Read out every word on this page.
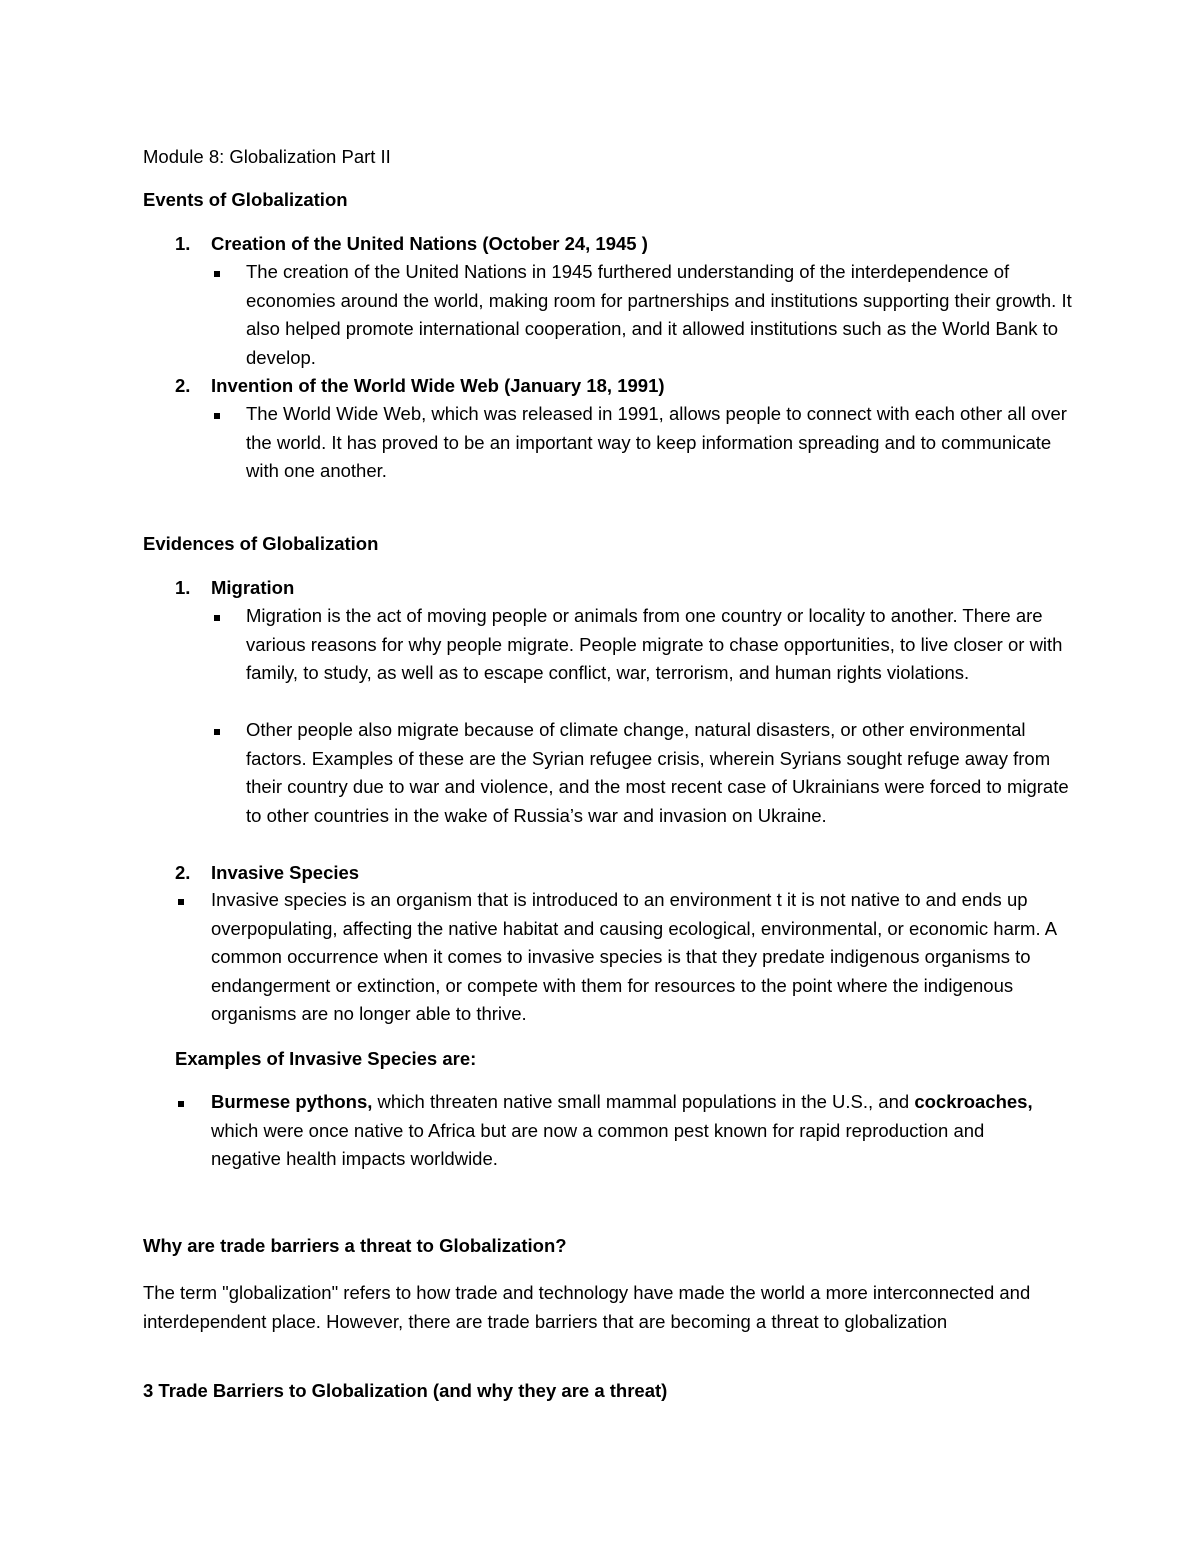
Module 8: Globalization Part II
Events of Globalization
1. Creation of the United Nations (October 24, 1945 )
The creation of the United Nations in 1945 furthered understanding of the interdependence of economies around the world, making room for partnerships and institutions supporting their growth. It also helped promote international cooperation, and it allowed institutions such as the World Bank to develop.
2. Invention of the World Wide Web (January 18, 1991)
The World Wide Web, which was released in 1991, allows people to connect with each other all over the world. It has proved to be an important way to keep information spreading and to communicate with one another.
Evidences of Globalization
1. Migration
Migration is the act of moving people or animals from one country or locality to another. There are various reasons for why people migrate. People migrate to chase opportunities, to live closer or with family, to study, as well as to escape conflict, war, terrorism, and human rights violations.
Other people also migrate because of climate change, natural disasters, or other environmental factors. Examples of these are the Syrian refugee crisis, wherein Syrians sought refuge away from their country due to war and violence, and the most recent case of Ukrainians were forced to migrate to other countries in the wake of Russia’s war and invasion on Ukraine.
2. Invasive Species
Invasive species is an organism that is introduced to an environment t it is not native to and ends up overpopulating, affecting the native habitat and causing ecological, environmental, or economic harm. A common occurrence when it comes to invasive species is that they predate indigenous organisms to endangerment or extinction, or compete with them for resources to the point where the indigenous organisms are no longer able to thrive.
Examples of Invasive Species are:
Burmese pythons, which threaten native small mammal populations in the U.S., and cockroaches, which were once native to Africa but are now a common pest known for rapid reproduction and negative health impacts worldwide.
Why are trade barriers a threat to Globalization?
The term "globalization" refers to how trade and technology have made the world a more interconnected and interdependent place. However, there are trade barriers that are becoming a threat to globalization
3 Trade Barriers to Globalization (and why they are a threat)
